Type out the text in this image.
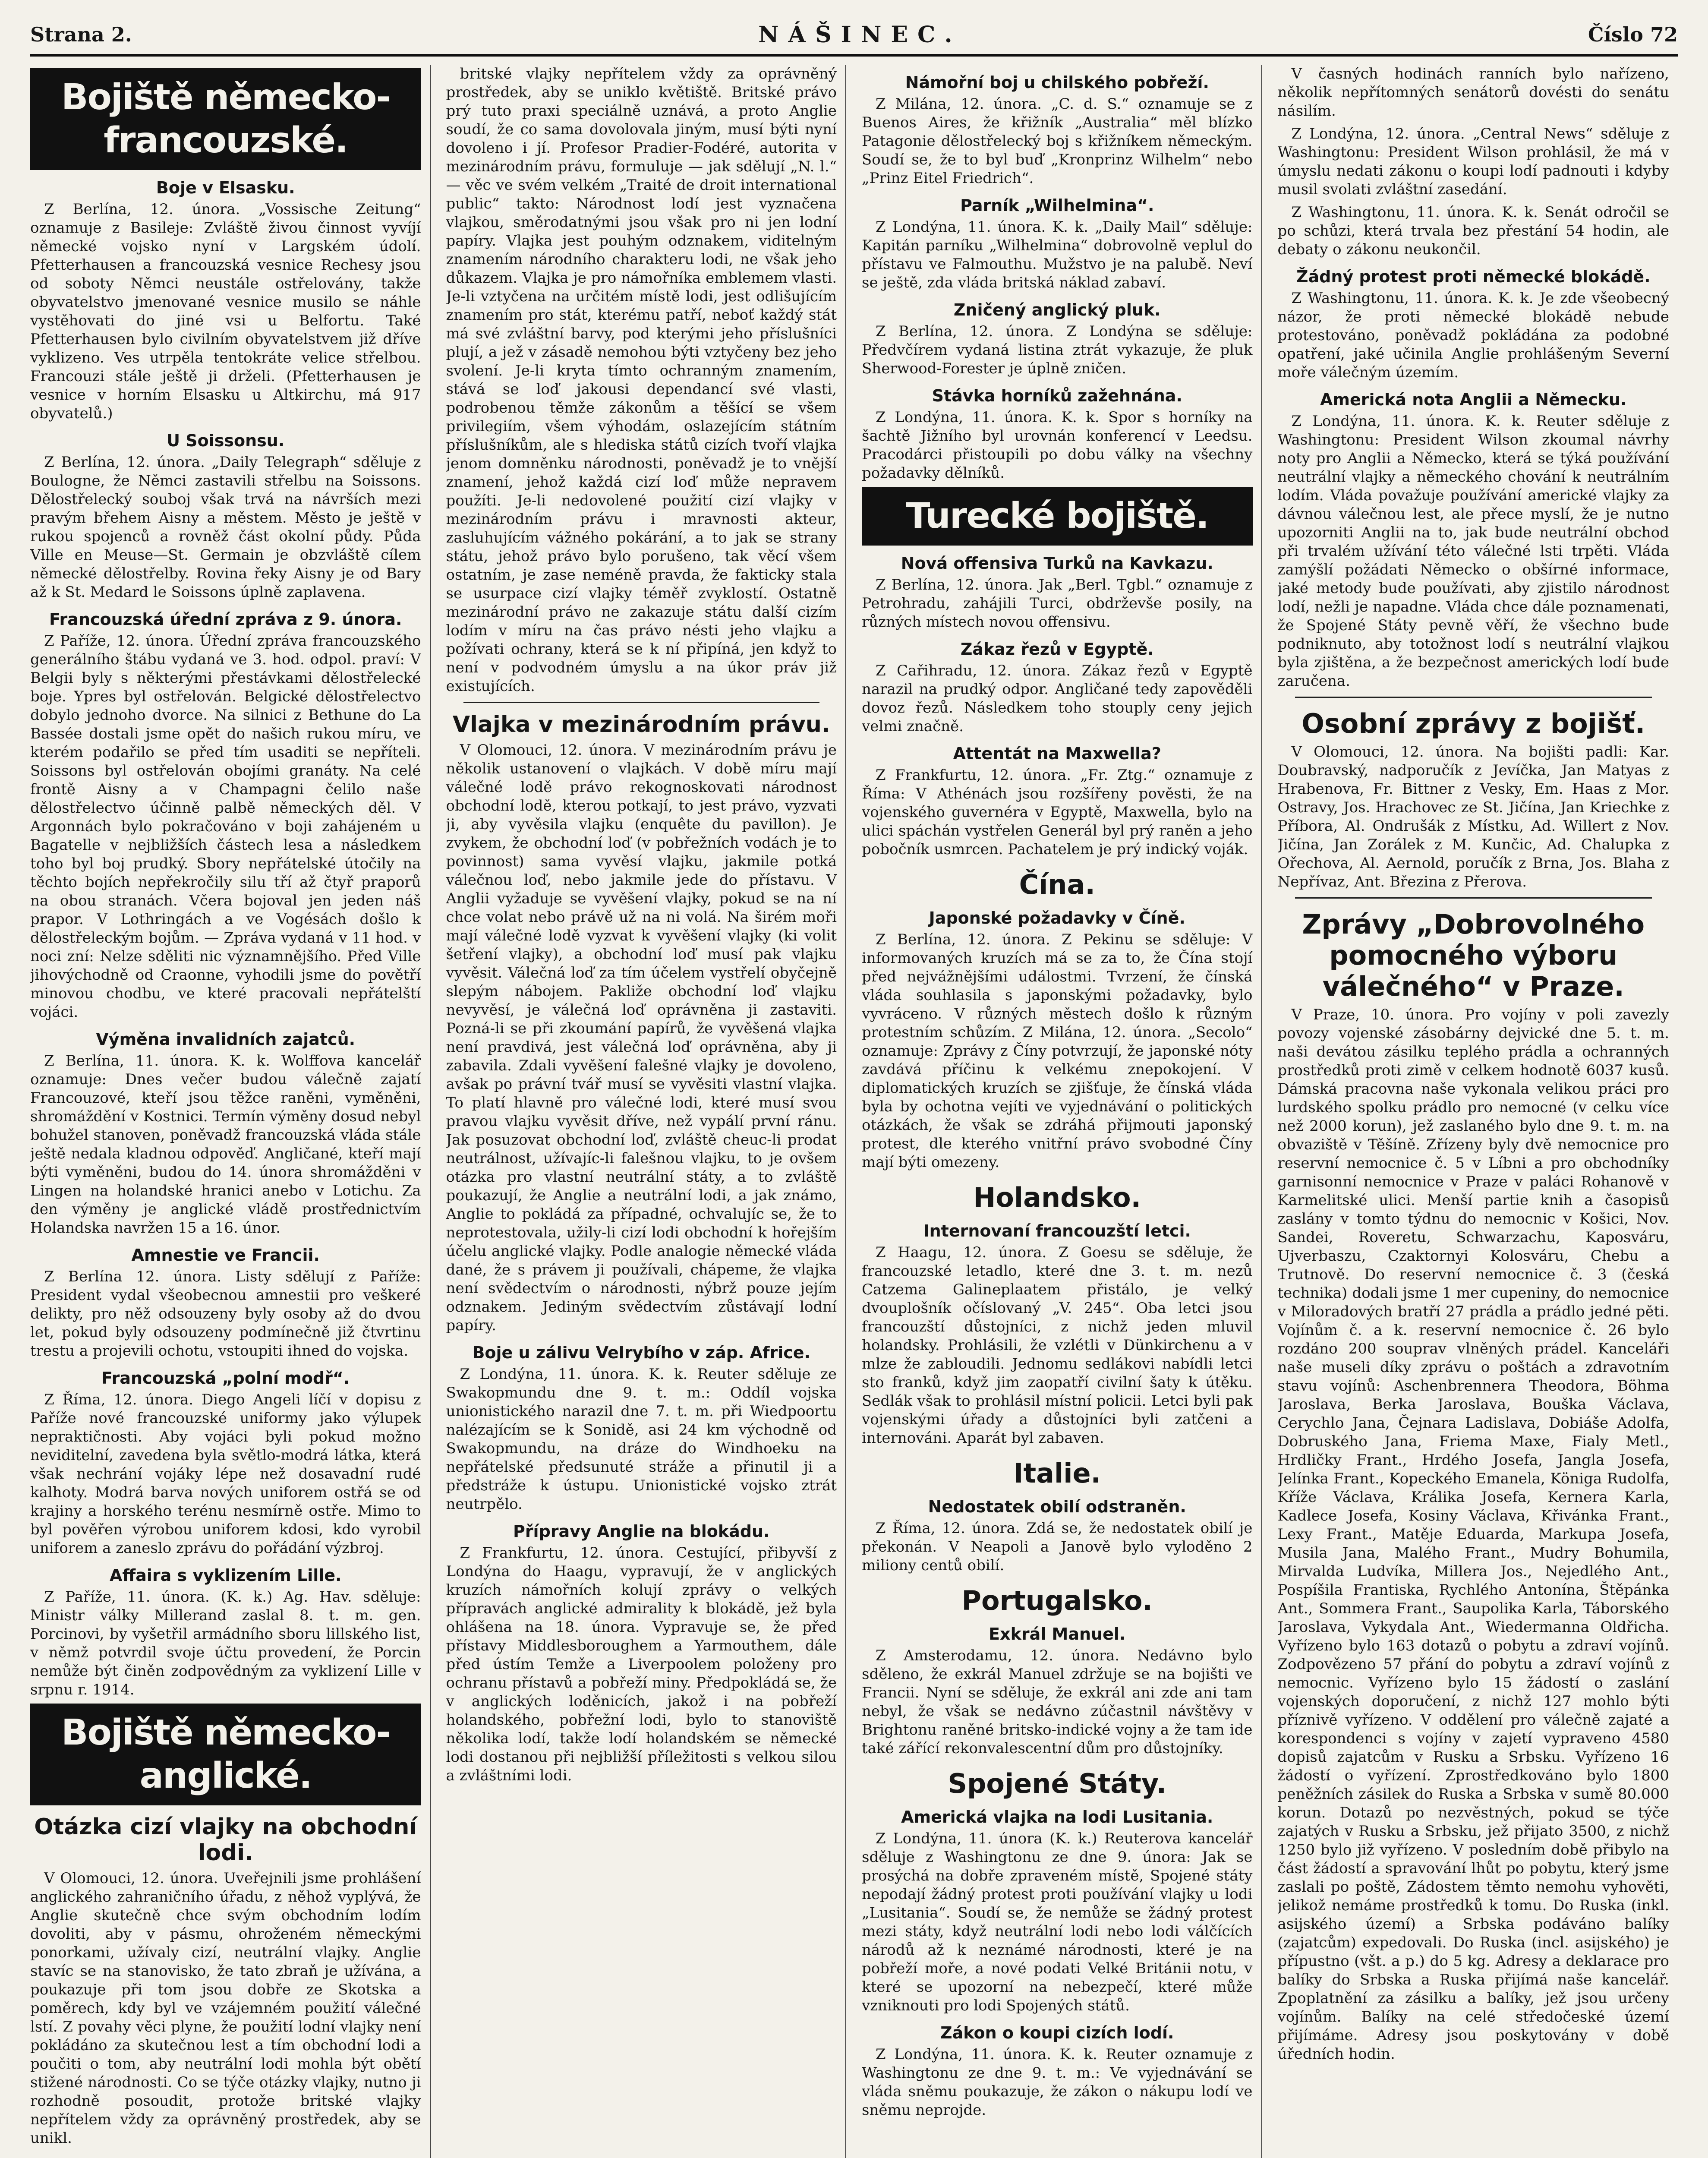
Strana 2.	NÁŠINEC.	Číslo 72
Bojiště německo-francouzské.
Boje v Elsasku.

Z Berlína, 12. února. „Vossische Zeitung“ oznamuje z Basileje: Zvláště živou činnost vyvíjí německé vojsko nyní v Largském údolí. Pfetterhausen a francouzská vesnice Rechesy jsou od soboty Němci neustále ostřelovány, takže obyvatelstvo jmenované vesnice musilo se náhle vystěhovati do jiné vsi u Belfortu. Také Pfetterhausen bylo civilním obyvatelstvem již dříve vyklizeno. Ves utrpěla tentokráte velice střelbou. Francouzi stále ještě ji drželi. (Pfetterhausen je vesnice v horním Elsasku u Altkirchu, má 917 obyvatelů.)

U Soissonsu.

Z Berlína, 12. února. „Daily Telegraph“ sděluje z Boulogne, že Němci zastavili střelbu na Soissons. Dělostřelecký souboj však trvá na návrších mezi pravým břehem Aisny a městem. Město je ještě v rukou spojenců a rovněž část okolní půdy. Půda Ville en Meuse—St. Germain je obzvláště cílem německé dělostřelby. Rovina řeky Aisny je od Bary až k St. Medard le Soissons úplně zaplavena.

Francouzská úřední zpráva z 9. února.

Z Paříže, 12. února. Úřední zpráva francouzského generálního štábu vydaná ve 3. hod. odpol. praví: V Belgii byly s některými přestávkami dělostřelecké boje. Ypres byl ostřelován. Belgické dělostřelectvo dobylo jednoho dvorce. Na silnici z Bethune do La Bassée dostali jsme opět do našich rukou míru, ve kterém podařilo se před tím usaditi se nepříteli. Soissons byl ostřelován obojími granáty. Na celé frontě Aisny a v Champagni čelilo naše dělostřelectvo účinně palbě německých děl. V Argonnách bylo pokračováno v boji zahájeném u Bagatelle v nejbližších částech lesa a následkem toho byl boj prudký. Sbory nepřátelské útočily na těchto bojích nepřekročily silu tří až čtyř praporů na obou stranách. Včera bojoval jen jeden náš prapor. V Lothringách a ve Vogésách došlo k dělostřeleckým bojům. — Zpráva vydaná v 11 hod. v noci zní: Nelze sděliti nic významnějšího. Před Ville jihovýchodně od Craonne, vyhodili jsme do povětří minovou chodbu, ve které pracovali nepřátelští vojáci.

Výměna invalidních zajatců.

Z Berlína, 11. února. K. k. Wolffova kancelář oznamuje: Dnes večer budou válečně zajatí Francouzové, kteří jsou těžce raněni, vyměněni, shromáždění v Kostnici. Termín výměny dosud nebyl bohužel stanoven, poněvadž francouzská vláda stále ještě nedala kladnou odpověď. Angličané, kteří mají býti vyměněni, budou do 14. února shromážděni v Lingen na holandské hranici anebo v Lotichu. Za den výměny je anglické vládě prostřednictvím Holandska navržen 15 a 16. únor.

Amnestie ve Francii.

Z Berlína 12. února. Listy sdělují z Paříže: President vydal všeobecnou amnestii pro veškeré delikty, pro něž odsouzeny byly osoby až do dvou let, pokud byly odsouzeny podmínečně již čtvrtinu trestu a projevili ochotu, vstoupiti ihned do vojska.

Francouzská „polní modř“.

Z Říma, 12. února. Diego Angeli líčí v dopisu z Paříže nové francouzské uniformy jako výlupek nepraktičnosti. Aby vojáci byli pokud možno neviditelní, zavedena byla světlo-modrá látka, která však nechrání vojáky lépe než dosavadní rudé kalhoty. Modrá barva nových uniforem ostřá se od krajiny a horského terénu nesmírně ostře. Mimo to byl pověřen výrobou uniforem kdosi, kdo vyrobil uniforem a zaneslo zprávu do pořádání výzbroj.

Affaira s vyklizením Lille.

Z Paříže, 11. února. (K. k.) Ag. Hav. sděluje: Ministr války Millerand zaslal 8. t. m. gen. Porcinovi, by vyšetřil armádního sboru lillského list, v němž potvrdil svoje účtu provedení, že Porcin nemůže být činěn zodpovědným za vyklizení Lille v srpnu r. 1914.

Bojiště německo-anglické.
Otázka cizí vlajky na obchodní lodi.

V Olomouci, 12. února. Uveřejnili jsme prohlášení anglického zahraničního úřadu, z něhož vyplývá, že Anglie skutečně chce svým obchodním lodím dovoliti, aby v pásmu, ohroženém německými ponorkami, užívaly cizí, neutrální vlajky. Anglie stavíc se na stanovisko, že tato zbraň je užívána, a poukazuje při tom jsou dobře ze Skotska a poměrech, kdy byl ve vzájemném použití válečné lstí. Z povahy věci plyne, že použití lodní vlajky není pokládáno za skutečnou lest a tím obchodní lodi a poučiti o tom, aby neutrální lodi mohla být obětí stižené národnosti. Co se týče otázky vlajky, nutno ji rozhodně posoudit, protože britské vlajky nepřítelem vždy za oprávněný prostředek, aby se unikl.

britské vlajky nepřítelem vždy za oprávněný prostředek, aby se uniklo květiště. Britské právo prý tuto praxi speciálně uznává, a proto Anglie soudí, že co sama dovolovala jiným, musí býti nyní dovoleno i jí. Profesor Pradier-Fodéré, autorita v mezinárodním právu, formuluje — jak sdělují „N. l.“ — věc ve svém velkém „Traité de droit international public“ takto: Národnost lodí jest vyznačena vlajkou, směrodatnými jsou však pro ni jen lodní papíry. Vlajka jest pouhým odznakem, viditelným znamením národního charakteru lodi, ne však jeho důkazem. Vlajka je pro námořníka emblemem vlasti. Je-li vztyčena na určitém místě lodi, jest odlišujícím znamením pro stát, kterému patří, neboť každý stát má své zvláštní barvy, pod kterými jeho příslušníci plují, a jež v zásadě nemohou býti vztyčeny bez jeho svolení. Je-li kryta tímto ochranným znamením, stává se loď jakousi dependancí své vlasti, podrobenou těmže zákonům a těšící se všem privilegiím, všem výhodám, oslazejícím státním příslušníkům, ale s hlediska států cizích tvoří vlajka jenom domněnku národnosti, poněvadž je to vnější znamení, jehož každá cizí loď může nepravem použíti. Je-li nedovolené použití cizí vlajky v mezinárodním právu i mravnosti akteur, zasluhujícím vážného pokárání, a to jak se strany státu, jehož právo bylo porušeno, tak věcí všem ostatním, je zase neméně pravda, že fakticky stala se usurpace cizí vlajky téměř zvyklostí. Ostatně mezinárodní právo ne zakazuje státu další cizím lodím v míru na čas právo nésti jeho vlajku a požívati ochrany, která se k ní připíná, jen když to není v podvodném úmyslu a na úkor práv již existujících.

Vlajka v mezinárodním právu.

V Olomouci, 12. února. V mezinárodním právu je několik ustanovení o vlajkách. V době míru mají válečné lodě právo rekognoskovati národnost obchodní lodě, kterou potkají, to jest právo, vyzvati ji, aby vyvěsila vlajku (enquête du pavillon). Je zvykem, že obchodní loď (v pobřežních vodách je to povinnost) sama vyvěsí vlajku, jakmile potká válečnou loď, nebo jakmile jede do přístavu. V Anglii vyžaduje se vyvěšení vlajky, pokud se na ní chce volat nebo právě už na ni volá. Na širém moři mají válečné lodě vyzvat k vyvěšení vlajky (ki volit šetření vlajky), a obchodní loď musí pak vlajku vyvěsit. Válečná loď za tím účelem vystřelí obyčejně slepým nábojem. Pakliže obchodní loď vlajku nevyvěsí, je válečná loď oprávněna ji zastaviti. Pozná-li se při zkoumání papírů, že vyvěšená vlajka není pravdivá, jest válečná loď oprávněna, aby ji zabavila. Zdali vyvěšení falešné vlajky je dovoleno, avšak po právní tvář musí se vyvěsiti vlastní vlajka. To platí hlavně pro válečné lodi, které musí svou pravou vlajku vyvěsit dříve, než vypálí první ránu. Jak posuzovat obchodní loď, zvláště cheuc-li prodat neutrálnost, užívajíc-li falešnou vlajku, to je ovšem otázka pro vlastní neutrální státy, a to zvláště poukazují, že Anglie a neutrální lodi, a jak známo, Anglie to pokládá za případné, ochvalujíc se, že to neprotestovala, užily-li cizí lodi obchodní k hořejším účelu anglické vlajky. Podle analogie německé vláda dané, že s právem ji používali, chápeme, že vlajka není svědectvím o národnosti, nýbrž pouze jejím odznakem. Jediným svědectvím zůstávají lodní papíry.

Boje u zálivu Velrybího v záp. Africe.

Z Londýna, 11. února. K. k. Reuter sděluje ze Swakopmundu dne 9. t. m.: Oddíl vojska unionistického narazil dne 7. t. m. při Wiedpoortu nalézajícím se k Sonidě, asi 24 km východně od Swakopmundu, na dráze do Windhoeku na nepřátelské předsunuté stráže a přinutil ji a předstráže k ústupu. Unionistické vojsko ztrát neutrpělo.

Přípravy Anglie na blokádu.

Z Frankfurtu, 12. února. Cestující, přibyvší z Londýna do Haagu, vypravují, že v anglických kruzích námořních kolují zprávy o velkých přípravách anglické admirality k blokádě, jež byla ohlášena na 18. února. Vypravuje se, že před přístavy Middlesboroughem a Yarmouthem, dále před ústím Temže a Liverpoolem položeny pro ochranu přístavů a pobřeží miny. Předpokládá se, že v anglických loděnicích, jakož i na pobřeží holandského, pobřežní lodi, bylo to stanoviště několika lodí, takže lodí holandském se německé lodi dostanou při nejbližší příležitosti s velkou silou a zvláštními lodi.

Námořní boj u chilského pobřeží.

Z Milána, 12. února. „C. d. S.“ oznamuje se z Buenos Aires, že křižník „Australia“ měl blízko Patagonie dělostřelecký boj s křižníkem německým. Soudí se, že to byl buď „Kronprinz Wilhelm“ nebo „Prinz Eitel Friedrich“.

Parník „Wilhelmina“.

Z Londýna, 11. února. K. k. „Daily Mail“ sděluje: Kapitán parníku „Wilhelmina“ dobrovolně veplul do přístavu ve Falmouthu. Mužstvo je na palubě. Neví se ještě, zda vláda britská náklad zabaví.

Zničený anglický pluk.

Z Berlína, 12. února. Z Londýna se sděluje: Předvčírem vydaná listina ztrát vykazuje, že pluk Sherwood-Forester je úplně zničen.

Stávka horníků zažehnána.

Z Londýna, 11. února. K. k. Spor s horníky na šachtě Jižního byl urovnán konferencí v Leedsu. Pracodárci přistoupili po dobu války na všechny požadavky dělníků.

Turecké bojiště.
Nová offensiva Turků na Kavkazu.

Z Berlína, 12. února. Jak „Berl. Tgbl.“ oznamuje z Petrohradu, zahájili Turci, obdrževše posily, na různých místech novou offensivu.

Zákaz řezů v Egyptě.

Z Cařihradu, 12. února. Zákaz řezů v Egyptě narazil na prudký odpor. Angličané tedy zapověděli dovoz řezů. Následkem toho stouply ceny jejich velmi značně.

Attentát na Maxwella?

Z Frankfurtu, 12. února. „Fr. Ztg.“ oznamuje z Říma: V Athénách jsou rozšířeny pověsti, že na vojenského guvernéra v Egyptě, Maxwella, bylo na ulici spáchán vystřelen Generál byl prý raněn a jeho pobočník usmrcen. Pachatelem je prý indický voják.

Čína.
Japonské požadavky v Číně.

Z Berlína, 12. února. Z Pekinu se sděluje: V informovaných kruzích má se za to, že Čína stojí před nejvážnějšími událostmi. Tvrzení, že čínská vláda souhlasila s japonskými požadavky, bylo vyvráceno. V různých městech došlo k různým protestním schůzím. Z Milána, 12. února. „Secolo“ oznamuje: Zprávy z Číny potvrzují, že japonské nóty zavdává příčinu k velkému znepokojení. V diplomatických kruzích se zjišťuje, že čínská vláda byla by ochotna vejíti ve vyjednávání o politických otázkách, že však se zdráhá přijmouti japonský protest, dle kterého vnitřní právo svobodné Číny mají býti omezeny.

Holandsko.
Internovaní francouzští letci.

Z Haagu, 12. února. Z Goesu se sděluje, že francouzské letadlo, které dne 3. t. m. nezů Catzema Galineplaatem přistálo, je velký dvouplošník očíslovaný „V. 245“. Oba letci jsou francouzští důstojníci, z nichž jeden mluvil holandsky. Prohlásili, že vzlétli v Dünkirchenu a v mlze že zabloudili. Jednomu sedlákovi nabídli letci sto franků, když jim zaopatří civilní šaty k útěku. Sedlák však to prohlásil místní policii. Letci byli pak vojenskými úřady a důstojníci byli zatčeni a internováni. Aparát byl zabaven.

Italie.
Nedostatek obilí odstraněn.

Z Říma, 12. února. Zdá se, že nedostatek obilí je překonán. V Neapoli a Janově bylo vyloděno 2 miliony centů obilí.

Portugalsko.
Exkrál Manuel.

Z Amsterodamu, 12. února. Nedávno bylo sděleno, že exkrál Manuel zdržuje se na bojišti ve Francii. Nyní se sděluje, že exkrál ani zde ani tam nebyl, že však se nedávno zúčastnil návštěvy v Brightonu raněné britsko-indické vojny a že tam ide také zářící rekonvalescentní dům pro důstojníky.

Spojené Státy.
Americká vlajka na lodi Lusitania.

Z Londýna, 11. února (K. k.) Reuterova kancelář sděluje z Washingtonu ze dne 9. února: Jak se prosýchá na dobře zpraveném místě, Spojené státy nepodají žádný protest proti používání vlajky u lodi „Lusitania“. Soudí se, že nemůže se žádný protest mezi státy, když neutrální lodi nebo lodi válčících národů až k neznámé národnosti, které je na pobřeží moře, a nové podati Velké Británii notu, v které se upozorní na nebezpečí, které může vzniknouti pro lodi Spojených států.

Zákon o koupi cizích lodí.

Z Londýna, 11. února. K. k. Reuter oznamuje z Washingtonu ze dne 9. t. m.: Ve vyjednávání se vláda sněmu poukazuje, že zákon o nákupu lodí ve sněmu neprojde.

V časných hodinách ranních bylo nařízeno, několik nepřítomných senátorů dovésti do senátu násilím.

Z Londýna, 12. února. „Central News“ sděluje z Washingtonu: President Wilson prohlásil, že má v úmyslu nedati zákonu o koupi lodí padnouti i kdyby musil svolati zvláštní zasedání.

Z Washingtonu, 11. února. K. k. Senát odročil se po schůzi, která trvala bez přestání 54 hodin, ale debaty o zákonu neukončil.

Žádný protest proti německé blokádě.

Z Washingtonu, 11. února. K. k. Je zde všeobecný názor, že proti německé blokádě nebude protestováno, poněvadž pokládána za podobné opatření, jaké učinila Anglie prohlášeným Severní moře válečným územím.

Americká nota Anglii a Německu.

Z Londýna, 11. února. K. k. Reuter sděluje z Washingtonu: President Wilson zkoumal návrhy noty pro Anglii a Německo, která se týká používání neutrální vlajky a německého chování k neutrálním lodím. Vláda považuje používání americké vlajky za dávnou válečnou lest, ale přece myslí, že je nutno upozorniti Anglii na to, jak bude neutrální obchod při trvalém užívání této válečné lsti trpěti. Vláda zamýšlí požádati Německo o obšírné informace, jaké metody bude používati, aby zjistilo národnost lodí, nežli je napadne. Vláda chce dále poznamenati, že Spojené Státy pevně věří, že všechno bude podniknuto, aby totožnost lodí s neutrální vlajkou byla zjištěna, a že bezpečnost amerických lodí bude zaručena.

Osobní zprávy z bojišť.

V Olomouci, 12. února. Na bojišti padli: Kar. Doubravský, nadporučík z Jevíčka, Jan Matyas z Hrabenova, Fr. Bittner z Vesky, Em. Haas z Mor. Ostravy, Jos. Hrachovec ze St. Jičína, Jan Kriechke z Příbora, Al. Ondrušák z Místku, Ad. Willert z Nov. Jičína, Jan Zorálek z M. Kunčic, Ad. Chalupka z Ořechova, Al. Aernold, poručík z Brna, Jos. Blaha z Nepřívaz, Ant. Březina z Přerova.

Zprávy „Dobrovolného pomocného výboru válečného“ v Praze.

V Praze, 10. února. Pro vojíny v poli zavezly povozy vojenské zásobárny dejvické dne 5. t. m. naši devátou zásilku teplého prádla a ochranných prostředků proti zimě v celkem hodnotě 6037 kusů. Dámská pracovna naše vykonala velikou práci pro lurdského spolku prádlo pro nemocné (v celku více než 2000 korun), jež zaslaného bylo dne 9. t. m. na obvaziště v Těšíně. Zřízeny byly dvě nemocnice pro reservní nemocnice č. 5 v Líbni a pro obchodníky garnisonní nemocnice v Praze v paláci Rohanově v Karmelitské ulici. Menší partie knih a časopisů zaslány v tomto týdnu do nemocnic v Košici, Nov. Sandei, Roveretu, Schwarzachu, Kaposváru, Ujverbaszu, Czaktornyi Kolosváru, Chebu a Trutnově. Do reservní nemocnice č. 3 (česká technika) dodali jsme 1 mer cupeniny, do nemocnice v Miloradových bratří 27 prádla a prádlo jedné pěti. Vojínům č. a k. reservní nemocnice č. 26 bylo rozdáno 200 souprav vlněných prádel. Kanceláři naše museli díky zprávu o poštách a zdravotním stavu vojínů: Aschenbrennera Theodora, Böhma Jaroslava, Berka Jaroslava, Bouška Václava, Cerychlo Jana, Čejnara Ladislava, Dobiáše Adolfa, Dobruského Jana, Friema Maxe, Fialy Metl., Hrdličky Frant., Hrdého Josefa, Jangla Josefa, Jelínka Frant., Kopeckého Emanela, Königa Rudolfa, Kříže Václava, Králika Josefa, Kernera Karla, Kadlece Josefa, Kosiny Václava, Křivánka Frant., Lexy Frant., Matěje Eduarda, Markupa Josefa, Musila Jana, Malého Frant., Mudry Bohumila, Mirvalda Ludvíka, Millera Jos., Nejedlého Ant., Pospíšila Frantiska, Rychlého Antonína, Štěpánka Ant., Sommera Frant., Saupolika Karla, Táborského Jaroslava, Vykydala Ant., Wiedermanna Oldřicha. Vyřízeno bylo 163 dotazů o pobytu a zdraví vojínů. Zodpovězeno 57 přání do pobytu a zdraví vojínů z nemocnic. Vyřízeno bylo 15 žádostí o zaslání vojenských doporučení, z nichž 127 mohlo býti příznivě vyřízeno. V oddělení pro válečně zajaté a korespondenci s vojíny v zajetí vypraveno 4580 dopisů zajatcům v Rusku a Srbsku. Vyřízeno 16 žádostí o vyřízení. Zprostředkováno bylo 1800 peněžních zásilek do Ruska a Srbska v sumě 80.000 korun. Dotazů po nezvěstných, pokud se týče zajatých v Rusku a Srbsku, jež přijato 3500, z nichž 1250 bylo již vyřízeno. V posledním době přibylo na část žádostí a spravování lhůt po pobytu, který jsme zaslali po poště, Zádostem těmto nemohu vyhověti, jelikož nemáme prostředků k tomu. Do Ruska (inkl. asijského území) a Srbska podáváno balíky (zajatcům) expedovali. Do Ruska (incl. asijského) je přípustno (všt. a p.) do 5 kg. Adresy a deklarace pro balíky do Srbska a Ruska přijímá naše kancelář. Zpoplatnění za zásilku a balíky, jež jsou určeny vojínům. Balíky na celé středočeské území přijímáme. Adresy jsou poskytovány v době úředních hodin.
